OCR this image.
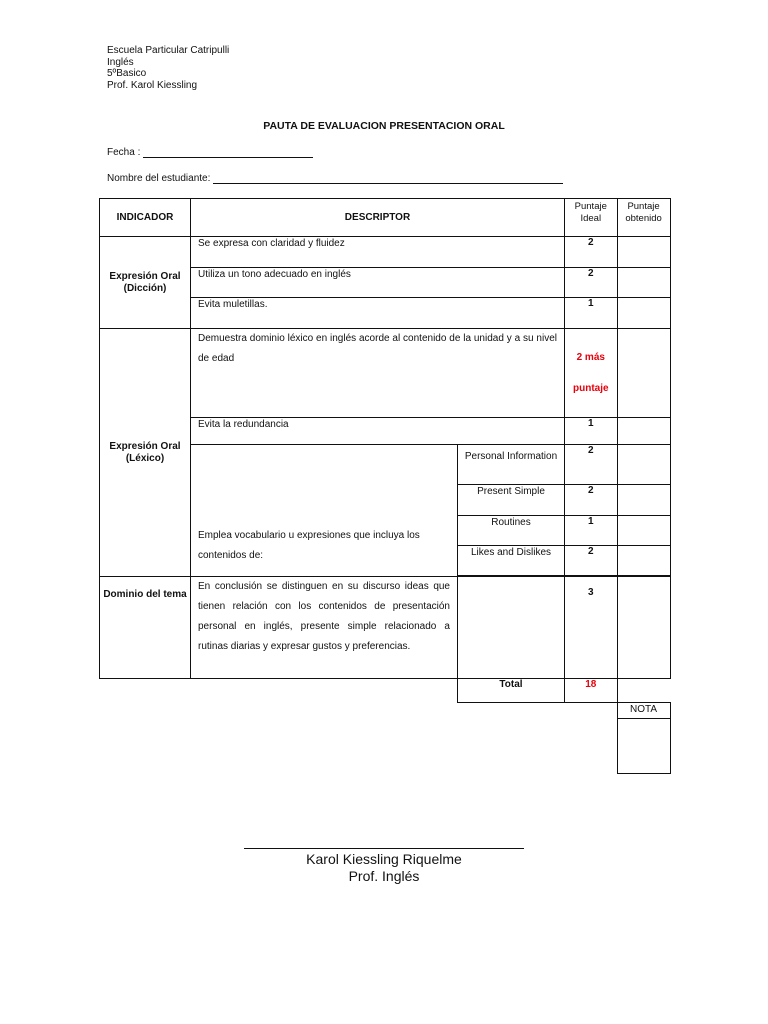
Escuela Particular Catripulli
Inglés
5ºBasico
Prof. Karol Kiessling
PAUTA DE EVALUACION PRESENTACION ORAL
Fecha :
Nombre del estudiante:
INDICADOR	DESCRIPTOR		Puntaje Ideal	Puntaje obtenido
Expresión Oral (Dicción)	Se expresa con claridad y fluidez		2	
	Utiliza un tono adecuado en inglés		2	
	Evita muletillas.		1	
Expresión Oral (Léxico)	Demuestra dominio léxico en inglés acorde al contenido de la unidad y a su nivel de edad		2 más puntaje	
	Evita la redundancia		1	
	Emplea vocabulario u expresiones que incluya los contenidos de:	Personal Information	2	
		Present Simple	2	
		Routines	1	
		Likes and Dislikes	2	

Dominio del tema	En conclusión se distinguen en su discurso ideas que tienen relación con los contenidos de presentación personal en inglés, presente simple relacionado a rutinas diarias y expresar gustos y preferencias.		3	
		Total	18	
				NOTA

Karol Kiessling Riquelme
Prof. Inglés
